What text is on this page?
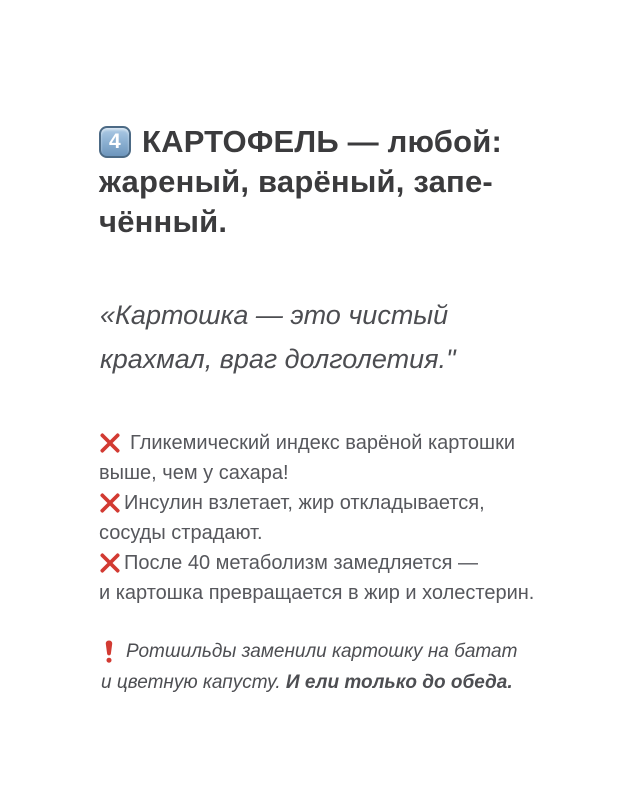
4 КАРТОФЕЛЬ — любой:
жареный, варёный, запе-
чённый.
«Картошка — это чистый
крахмал, враг долголетия."
Гликемический индекс варёной картошки
выше, чем у сахара!
Инсулин взлетает, жир откладывается,
сосуды страдают.
После 40 метаболизм замедляется —
и картошка превращается в жир и холестерин.
Ротшильды заменили картошку на батат
и цветную капусту. И ели только до обеда.
